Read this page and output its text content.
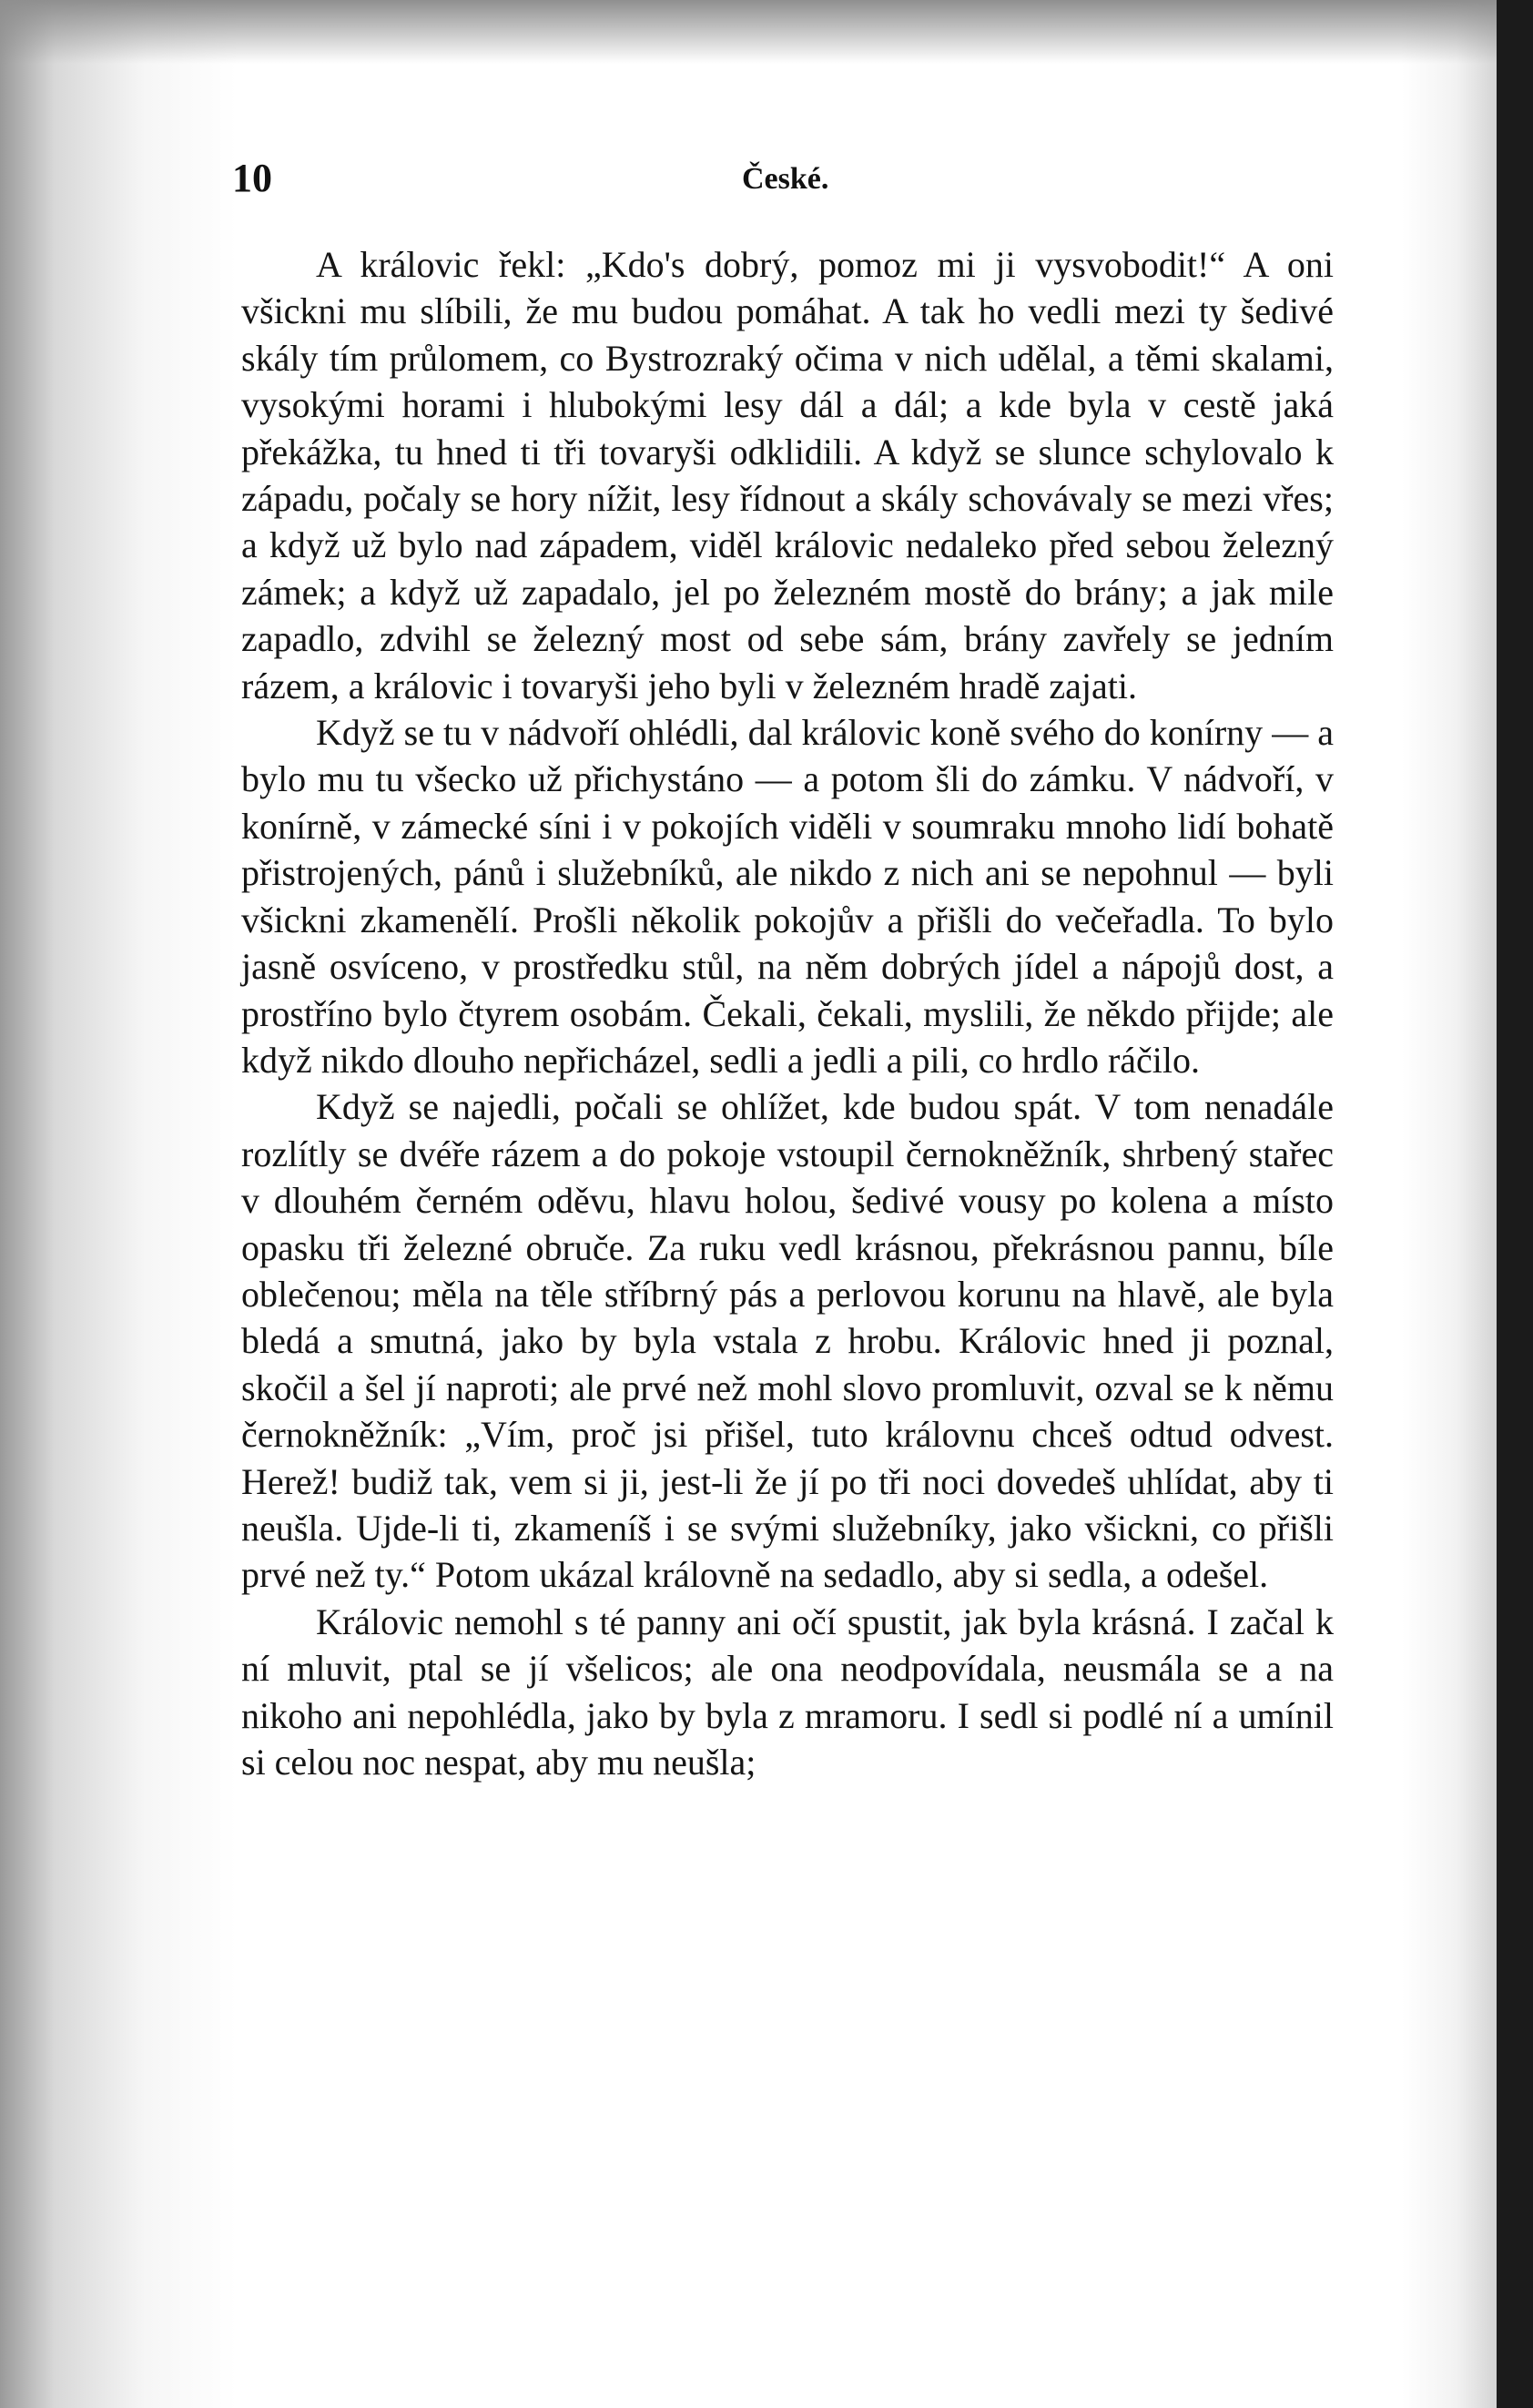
10	České.

A královic řekl: „Kdo's dobrý, pomoz mi ji vysvobodit!“ A oni všickni mu slíbili, že mu budou pomáhat. A tak ho vedli mezi ty šedivé skály tím průlomem, co Bystrozraký očima v nich udělal, a těmi skalami, vysokými horami i hlubokými lesy dál a dál; a kde byla v cestě jaká překážka, tu hned ti tři tovaryši odklidili. A když se slunce schylovalo k západu, počaly se hory nížit, lesy řídnout a skály schovávaly se mezi vřes; a když už bylo nad západem, viděl královic nedaleko před sebou železný zámek; a když už zapadalo, jel po železném mostě do brány; a jak mile zapadlo, zdvihl se železný most od sebe sám, brány zavřely se jedním rázem, a královic i tovaryši jeho byli v železném hradě zajati.

Když se tu v nádvoří ohlédli, dal královic koně svého do konírny — a bylo mu tu všecko už přichystáno — a potom šli do zámku. V nádvoří, v konírně, v zámecké síni i v pokojích viděli v soumraku mnoho lidí bohatě přistrojených, pánů i služebníků, ale nikdo z nich ani se nepohnul — byli všickni zkamenělí. Prošli několik pokojův a přišli do večeřadla. To bylo jasně osvíceno, v prostředku stůl, na něm dobrých jídel a nápojů dost, a prostříno bylo čtyrem osobám. Čekali, čekali, myslili, že někdo přijde; ale když nikdo dlouho nepřicházel, sedli a jedli a pili, co hrdlo ráčilo.

Když se najedli, počali se ohlížet, kde budou spát. V tom nenadále rozlítly se dvéře rázem a do pokoje vstoupil černokněžník, shrbený stařec v dlouhém černém oděvu, hlavu holou, šedivé vousy po kolena a místo opasku tři železné obruče. Za ruku vedl krásnou, překrásnou pannu, bíle oblečenou; měla na těle stříbrný pás a perlovou korunu na hlavě, ale byla bledá a smutná, jako by byla vstala z hrobu. Královic hned ji poznal, skočil a šel jí naproti; ale prvé než mohl slovo promluvit, ozval se k němu černokněžník: „Vím, proč jsi přišel, tuto královnu chceš odtud odvest. Herež! budiž tak, vem si ji, jest-li že jí po tři noci dovedeš uhlídat, aby ti neušla. Ujde-li ti, zkameníš i se svými služebníky, jako všickni, co přišli prvé než ty.“ Potom ukázal královně na sedadlo, aby si sedla, a odešel.

Královic nemohl s té panny ani očí spustit, jak byla krásná. I začal k ní mluvit, ptal se jí všelicos; ale ona neodpovídala, neusmála se a na nikoho ani nepohlédla, jako by byla z mramoru. I sedl si podlé ní a umínil si celou noc nespat, aby mu neušla;
